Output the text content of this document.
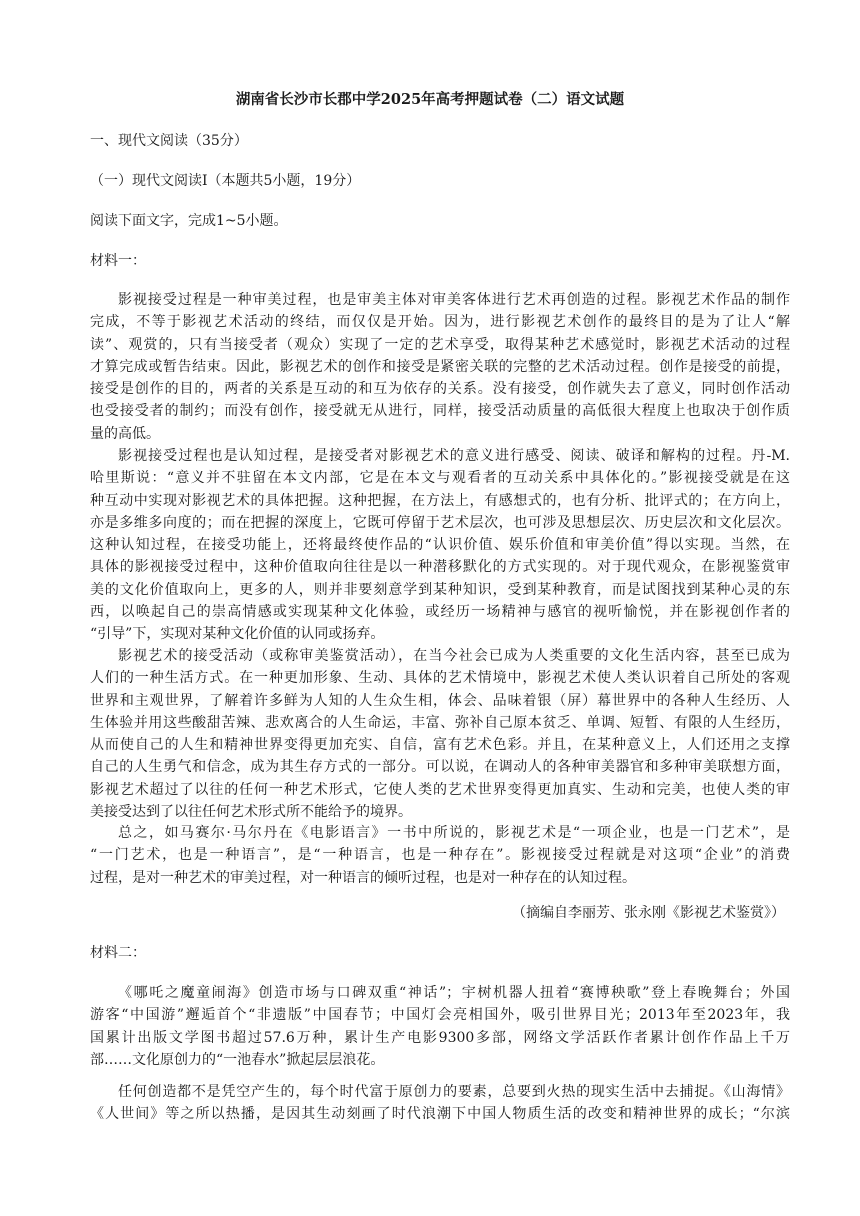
湖南省长沙市长郡中学2025年高考押题试卷（二）语文试题
一、现代文阅读（35分）
（一）现代文阅读Ⅰ（本题共5小题，19分）
阅读下面文字，完成1~5小题。
材料一：

影视接受过程是一种审美过程，也是审美主体对审美客体进行艺术再创造的过程。影视艺术作品的制作

完成，不等于影视艺术活动的终结，而仅仅是开始。因为，进行影视艺术创作的最终目的是为了让人“解

读”、观赏的，只有当接受者（观众）实现了一定的艺术享受，取得某种艺术感觉时，影视艺术活动的过程

才算完成或暂告结束。因此，影视艺术的创作和接受是紧密关联的完整的艺术活动过程。创作是接受的前提，

接受是创作的目的，两者的关系是互动的和互为依存的关系。没有接受，创作就失去了意义，同时创作活动

也受接受者的制约；而没有创作，接受就无从进行，同样，接受活动质量的高低很大程度上也取决于创作质

量的高低。

影视接受过程也是认知过程，是接受者对影视艺术的意义进行感受、阅读、破译和解构的过程。丹-M.

哈里斯说：“意义并不驻留在本文内部，它是在本文与观看者的互动关系中具体化的。”影视接受就是在这

种互动中实现对影视艺术的具体把握。这种把握，在方法上，有感想式的，也有分析、批评式的；在方向上，

亦是多维多向度的；而在把握的深度上，它既可停留于艺术层次，也可涉及思想层次、历史层次和文化层次。

这种认知过程，在接受功能上，还将最终使作品的“认识价值、娱乐价值和审美价值”得以实现。当然，在

具体的影视接受过程中，这种价值取向往往是以一种潜移默化的方式实现的。对于现代观众，在影视鉴赏审

美的文化价值取向上，更多的人，则并非要刻意学到某种知识，受到某种教育，而是试图找到某种心灵的东

西，以唤起自己的崇高情感或实现某种文化体验，或经历一场精神与感官的视听愉悦，并在影视创作者的

“引导”下，实现对某种文化价值的认同或扬弃。

影视艺术的接受活动（或称审美鉴赏活动），在当今社会已成为人类重要的文化生活内容，甚至已成为

人们的一种生活方式。在一种更加形象、生动、具体的艺术情境中，影视艺术使人类认识着自己所处的客观

世界和主观世界，了解着许多鲜为人知的人生众生相，体会、品味着银（屏）幕世界中的各种人生经历、人

生体验并用这些酸甜苦辣、悲欢离合的人生命运，丰富、弥补自己原本贫乏、单调、短暂、有限的人生经历，

从而使自己的人生和精神世界变得更加充实、自信，富有艺术色彩。并且，在某种意义上，人们还用之支撑

自己的人生勇气和信念，成为其生存方式的一部分。可以说，在调动人的各种审美器官和多种审美联想方面，

影视艺术超过了以往的任何一种艺术形式，它使人类的艺术世界变得更加真实、生动和完美，也使人类的审

美接受达到了以往任何艺术形式所不能给予的境界。

总之，如马赛尔·马尔丹在《电影语言》一书中所说的，影视艺术是“一项企业，也是一门艺术”，是

“一门艺术，也是一种语言”，是“一种语言，也是一种存在”。影视接受过程就是对这项“企业”的消费

过程，是对一种艺术的审美过程，对一种语言的倾听过程，也是对一种存在的认知过程。

（摘编自李丽芳、张永刚《影视艺术鉴赏》）
材料二：

《哪吒之魔童闹海》创造市场与口碑双重“神话”；宇树机器人扭着“赛博秧歌”登上春晚舞台；外国

游客“中国游”邂逅首个“非遗版”中国春节；中国灯会亮相国外，吸引世界目光；2013年至2023年，我

国累计出版文学图书超过57.6万种，累计生产电影9300多部，网络文学活跃作者累计创作作品上千万

部……文化原创力的“一池春水”掀起层层浪花。

任何创造都不是凭空产生的，每个时代富于原创力的要素，总要到火热的现实生活中去捕捉。《山海情》

《人世间》等之所以热播，是因其生动刻画了时代浪潮下中国人物质生活的改变和精神世界的成长；“尔滨
